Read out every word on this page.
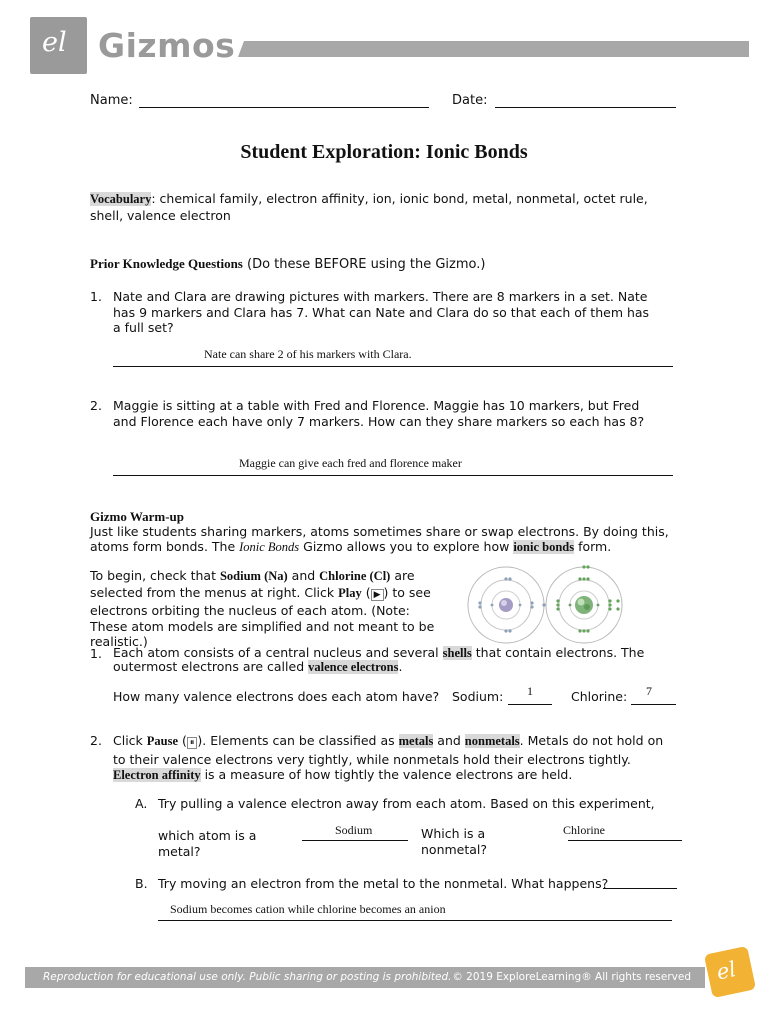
el Gizmos
Name:	Date:
Student Exploration: Ionic Bonds
Vocabulary: chemical family, electron affinity, ion, ionic bond, metal, nonmetal, octet rule, shell, valence electron
Prior Knowledge Questions (Do these BEFORE using the Gizmo.)
1. Nate and Clara are drawing pictures with markers. There are 8 markers in a set. Nate has 9 markers and Clara has 7. What can Nate and Clara do so that each of them has a full set?
Nate can share 2 of his markers with Clara.
2. Maggie is sitting at a table with Fred and Florence. Maggie has 10 markers, but Fred and Florence each have only 7 markers. How can they share markers so each has 8?
Maggie can give each fred and florence maker
Gizmo Warm-up
Just like students sharing markers, atoms sometimes share or swap electrons. By doing this, atoms form bonds. The Ionic Bonds Gizmo allows you to explore how ionic bonds form.
To begin, check that Sodium (Na) and Chlorine (Cl) are selected from the menus at right. Click Play ( ▶ ) to see electrons orbiting the nucleus of each atom. (Note: These atom models are simplified and not meant to be realistic.)
1. Each atom consists of a central nucleus and several shells that contain electrons. The outermost electrons are called valence electrons.
How many valence electrons does each atom have? Sodium: 1	Chlorine: 7
2. Click Pause ( ⏸ ). Elements can be classified as metals and nonmetals. Metals do not hold on to their valence electrons very tightly, while nonmetals hold their electrons tightly. Electron affinity is a measure of how tightly the valence electrons are held.
A. Try pulling a valence electron away from each atom. Based on this experiment,
which atom is a metal?
Sodium	Which is a nonmetal?
Chlorine
B. Try moving an electron from the metal to the nonmetal. What happens?
Sodium becomes cation while chlorine becomes an anion
Reproduction for educational use only. Public sharing or posting is prohibited. © 2019 ExploreLearning® All rights reserved el
